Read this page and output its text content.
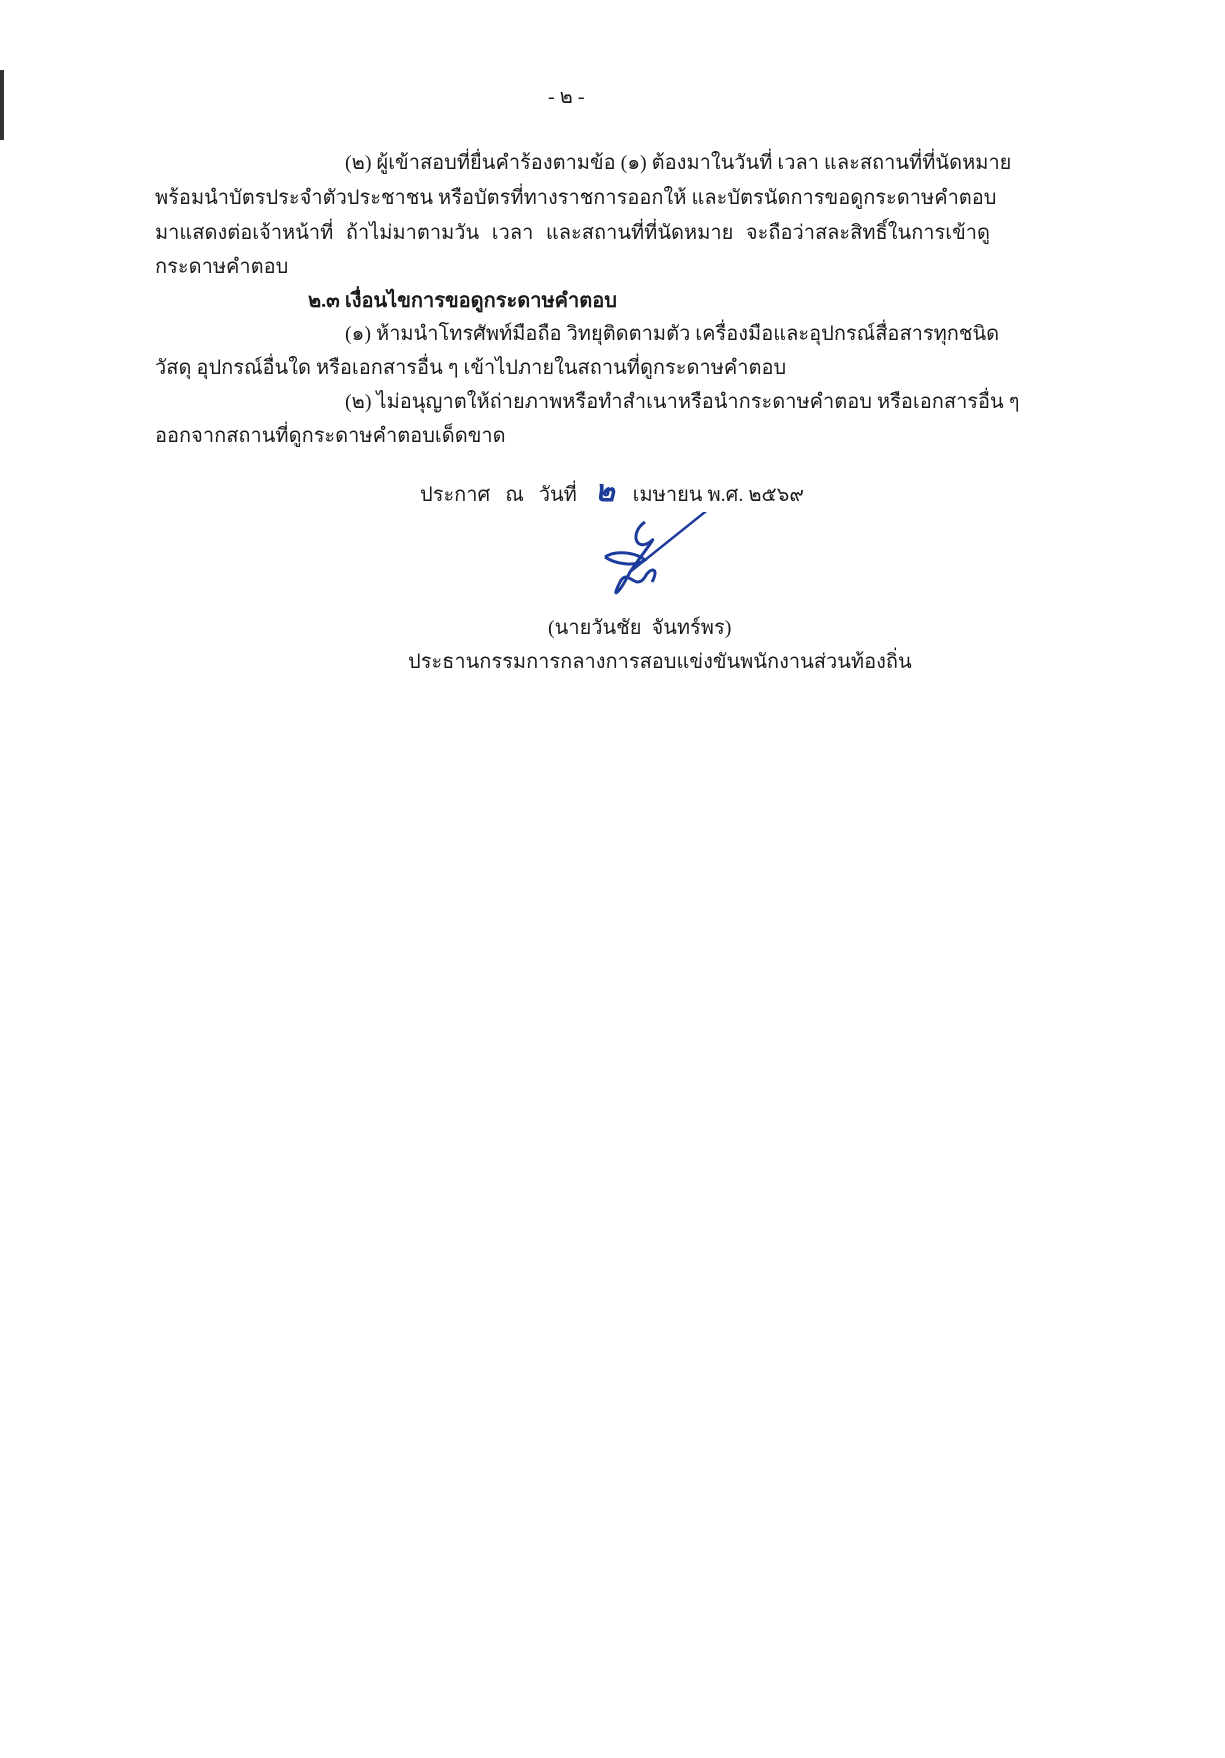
- ๒ -
(๒) ผู้เข้าสอบที่ยื่นคำร้องตามข้อ (๑) ต้องมาในวันที่ เวลา และสถานที่ที่นัดหมาย
พร้อมนำบัตรประจำตัวประชาชน หรือบัตรที่ทางราชการออกให้ และบัตรนัดการขอดูกระดาษคำตอบ
มาแสดงต่อเจ้าหน้าที่ ถ้าไม่มาตามวัน เวลา และสถานที่ที่นัดหมาย จะถือว่าสละสิทธิ์ในการเข้าดู
กระดาษคำตอบ
๒.๓ เงื่อนไขการขอดูกระดาษคำตอบ
(๑) ห้ามนำโทรศัพท์มือถือ วิทยุติดตามตัว เครื่องมือและอุปกรณ์สื่อสารทุกชนิด
วัสดุ อุปกรณ์อื่นใด หรือเอกสารอื่น ๆ เข้าไปภายในสถานที่ดูกระดาษคำตอบ
(๒) ไม่อนุญาตให้ถ่ายภาพหรือทำสำเนาหรือนำกระดาษคำตอบ หรือเอกสารอื่น ๆ
ออกจากสถานที่ดูกระดาษคำตอบเด็ดขาด
ประกาศ   ณ   วันที่ ๒ เมษายน พ.ศ. ๒๕๖๙
(นายวันชัย  จันทร์พร)
ประธานกรรมการกลางการสอบแข่งขันพนักงานส่วนท้องถิ่น
